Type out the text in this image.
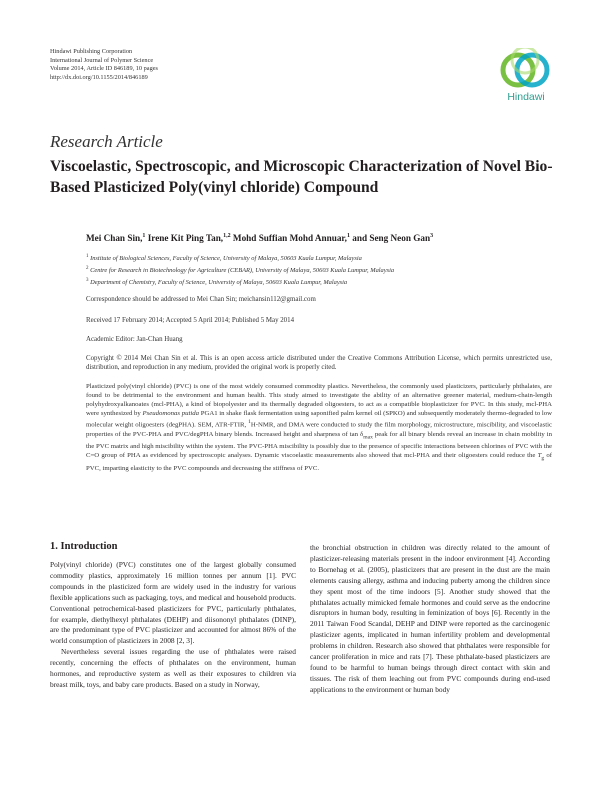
Hindawi Publishing Corporation
International Journal of Polymer Science
Volume 2014, Article ID 846189, 10 pages
http://dx.doi.org/10.1155/2014/846189
Hindawi
Research Article
Viscoelastic, Spectroscopic, and Microscopic Characterization of Novel Bio-Based Plasticized Poly(vinyl chloride) Compound
Mei Chan Sin,$^1$ Irene Kit Ping Tan,$^{1,2}$ Mohd Suffian Mohd Annuar,$^1$ and Seng Neon Gan$^3$
$^1$ Institute of Biological Sciences, Faculty of Science, University of Malaya, 50603 Kuala Lumpur, Malaysia
$^2$ Centre for Research in Biotechnology for Agriculture (CEBAR), University of Malaya, 50603 Kuala Lumpur, Malaysia
$^3$ Department of Chemistry, Faculty of Science, University of Malaya, 50603 Kuala Lumpur, Malaysia
Correspondence should be addressed to Mei Chan Sin; meichansin112@gmail.com
Received 17 February 2014; Accepted 5 April 2014; Published 5 May 2014
Academic Editor: Jan-Chan Huang
Copyright © 2014 Mei Chan Sin et al. This is an open access article distributed under the Creative Commons Attribution License, which permits unrestricted use, distribution, and reproduction in any medium, provided the original work is properly cited.
Plasticized poly(vinyl chloride) (PVC) is one of the most widely consumed commodity plastics. Nevertheless, the commonly used plasticizers, particularly phthalates, are found to be detrimental to the environment and human health. This study aimed to investigate the ability of an alternative greener material, medium-chain-length polyhydroxyalkanoates (mcl-PHA), a kind of biopolyester and its thermally degraded oligoesters, to act as a compatible bioplasticizer for PVC. In this study, mcl-PHA were synthesized by Pseudomonas putida PGA1 in shake flask fermentation using saponified palm kernel oil (SPKO) and subsequently moderately thermo-degraded to low molecular weight oligoesters (degPHA). SEM, ATR-FTIR, $^1$H-NMR, and DMA were conducted to study the film morphology, microstructure, miscibility, and viscoelastic properties of the PVC-PHA and PVC/degPHA binary blends. Increased height and sharpness of $\tan \delta_{max}$ peak for all binary blends reveal an increase in chain mobility in the PVC matrix and high miscibility within the system. The PVC-PHA miscibility is possibly due to the presence of specific interactions between chlorines of PVC with the C=O group of PHA as evidenced by spectroscopic analyses. Dynamic viscoelastic measurements also showed that mcl-PHA and their oligoesters could reduce the $T_g$ of PVC, imparting elasticity to the PVC compounds and decreasing the stiffness of PVC.
1. Introduction

Poly(vinyl chloride) (PVC) constitutes one of the largest globally consumed commodity plastics, approximately 16 million tonnes per annum [1]. PVC compounds in the plasticized form are widely used in the industry for various flexible applications such as packaging, toys, and medical and household products. Conventional petrochemical-based plasticizers for PVC, particularly phthalates, for example, diethylhexyl phthalates (DEHP) and diisononyl phthalates (DINP), are the predominant type of PVC plasticizer and accounted for almost 86% of the world consumption of plasticizers in 2008 [2, 3].

Nevertheless several issues regarding the use of phthalates were raised recently, concerning the effects of phthalates on the environment, human hormones, and reproductive system as well as their exposures to children via breast milk, toys, and baby care products. Based on a study in Norway,

the bronchial obstruction in children was directly related to the amount of plasticizer-releasing materials present in the indoor environment [4]. According to Bornehag et al. (2005), plasticizers that are present in the dust are the main elements causing allergy, asthma and inducing puberty among the children since they spent most of the time indoors [5]. Another study showed that the phthalates actually mimicked female hormones and could serve as the endocrine disruptors in human body, resulting in feminization of boys [6]. Recently in the 2011 Taiwan Food Scandal, DEHP and DINP were reported as the carcinogenic plasticizer agents, implicated in human infertility problem and developmental problems in children. Research also showed that phthalates were responsible for cancer proliferation in mice and rats [7]. These phthalate-based plasticizers are found to be harmful to human beings through direct contact with skin and tissues. The risk of them leaching out from PVC compounds during end-used applications to the environment or human body
